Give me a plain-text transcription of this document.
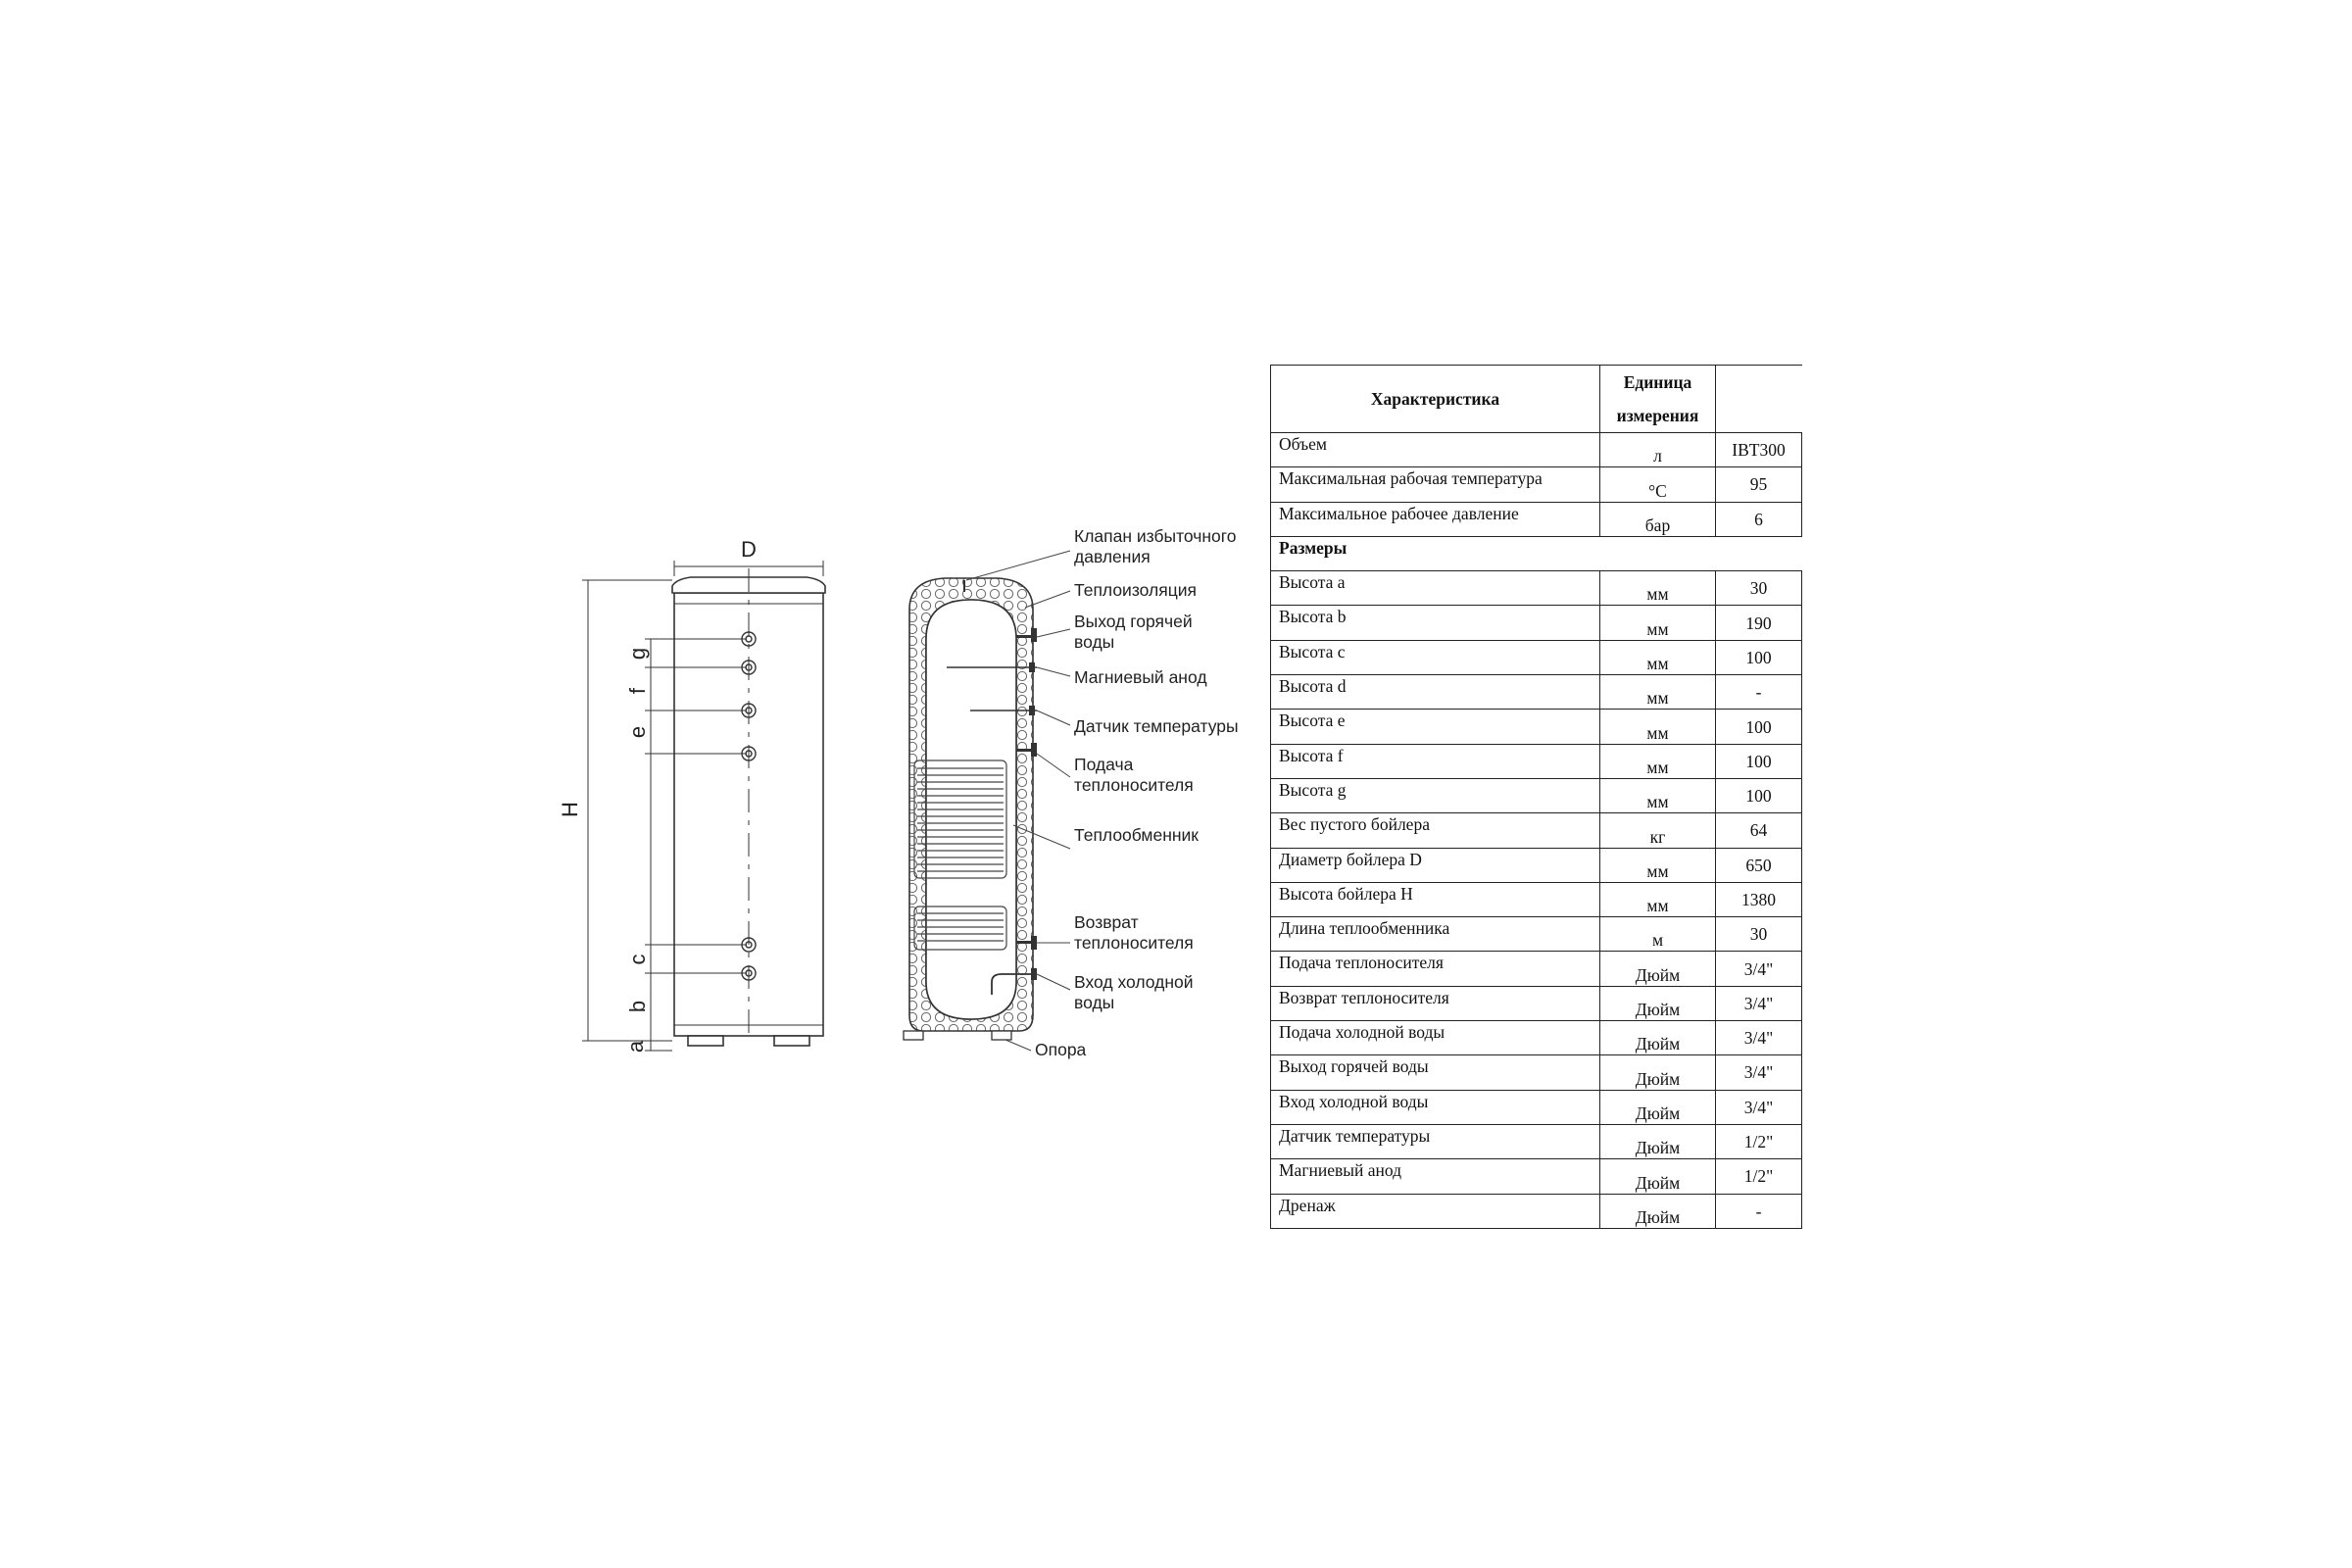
D
H
g
f
e
c
b
a
Клапан избыточного давления
Теплоизоляция
Выход горячей воды
Магниевый анод
Датчик температуры
Подача теплоносителя
Теплообменник
Возврат теплоносителя
Вход холодной воды
Опора
Характеристика	Единица измерения	
Объем	л	IBT300
Максимальная рабочая температура	°C	95
Максимальное рабочее давление	бар	6
Размеры		
Высота a	мм	30
Высота b	мм	190
Высота c	мм	100
Высота d	мм	-
Высота e	мм	100
Высота f	мм	100
Высота g	мм	100
Вес пустого бойлера	кг	64
Диаметр бойлера D	мм	650
Высота бойлера H	мм	1380
Длина теплообменника	м	30
Подача теплоносителя	Дюйм	3/4"
Возврат теплоносителя	Дюйм	3/4"
Подача холодной воды	Дюйм	3/4"
Выход горячей воды	Дюйм	3/4"
Вход холодной воды	Дюйм	3/4"
Датчик температуры	Дюйм	1/2"
Магниевый анод	Дюйм	1/2"
Дренаж	Дюйм	-
